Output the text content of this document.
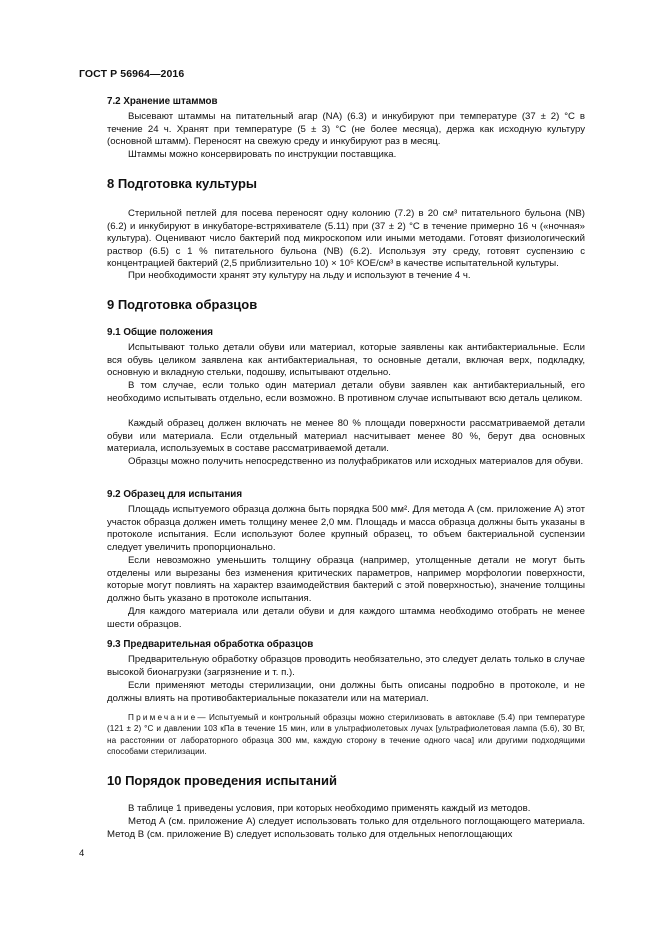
ГОСТ Р 56964—2016
7.2 Хранение штаммов

Высевают штаммы на питательный агар (NA) (6.3) и инкубируют при температуре (37 ± 2) °C в течение 24 ч. Хранят при температуре (5 ± 3) °C (не более месяца), держа как исходную культуру (основной штамм). Переносят на свежую среду и инкубируют раз в месяц.

Штаммы можно консервировать по инструкции поставщика.

8 Подготовка культуры

Стерильной петлей для посева переносят одну колонию (7.2) в 20 см³ питательного бульона (NB) (6.2) и инкубируют в инкубаторе-встряхивателе (5.11) при (37 ± 2) °C в течение примерно 16 ч («ночная» культура). Оценивают число бактерий под микроскопом или иными методами. Готовят физиологический раствор (6.5) с 1 % питательного бульона (NB) (6.2). Используя эту среду, готовят суспензию с концентрацией бактерий (2,5 приблизительно 10) × 10⁵ КОЕ/см³ в качестве испытательной культуры.

При необходимости хранят эту культуру на льду и используют в течение 4 ч.

9 Подготовка образцов
9.1 Общие положения

Испытывают только детали обуви или материал, которые заявлены как антибактериальные. Если вся обувь целиком заявлена как антибактериальная, то основные детали, включая верх, подкладку, основную и вкладную стельки, подошву, испытывают отдельно.

В том случае, если только один материал детали обуви заявлен как антибактериальный, его необходимо испытывать отдельно, если возможно. В противном случае испытывают всю деталь целиком.

Каждый образец должен включать не менее 80 % площади поверхности рассматриваемой детали обуви или материала. Если отдельный материал насчитывает менее 80 %, берут два основных материала, используемых в составе рассматриваемой детали.

Образцы можно получить непосредственно из полуфабрикатов или исходных материалов для обуви.

9.2 Образец для испытания

Площадь испытуемого образца должна быть порядка 500 мм². Для метода А (см. приложение А) этот участок образца должен иметь толщину менее 2,0 мм. Площадь и масса образца должны быть указаны в протоколе испытания. Если используют более крупный образец, то объем бактериальной суспензии следует увеличить пропорционально.

Если невозможно уменьшить толщину образца (например, утолщенные детали не могут быть отделены или вырезаны без изменения критических параметров, например морфологии поверхности, которые могут повлиять на характер взаимодействия бактерий с этой поверхностью), значение толщины должно быть указано в протоколе испытания.

Для каждого материала или детали обуви и для каждого штамма необходимо отобрать не менее шести образцов.

9.3 Предварительная обработка образцов

Предварительную обработку образцов проводить необязательно, это следует делать только в случае высокой бионагрузки (загрязнение и т. п.).

Если применяют методы стерилизации, они должны быть описаны подробно в протоколе, и не должны влиять на противобактериальные показатели или на материал.

Примечание— Испытуемый и контрольный образцы можно стерилизовать в автоклаве (5.4) при температуре (121 ± 2) °C и давлении 103 кПа в течение 15 мин, или в ультрафиолетовых лучах [ультрафиолетовая лампа (5.6), 30 Вт, на расстоянии от лабораторного образца 300 мм, каждую сторону в течение одного часа] или другими подходящими способами стерилизации.

10 Порядок проведения испытаний

В таблице 1 приведены условия, при которых необходимо применять каждый из методов.

Метод А (см. приложение А) следует использовать только для отдельного поглощающего материала. Метод В (см. приложение В) следует использовать только для отдельных непоглощающих

4
